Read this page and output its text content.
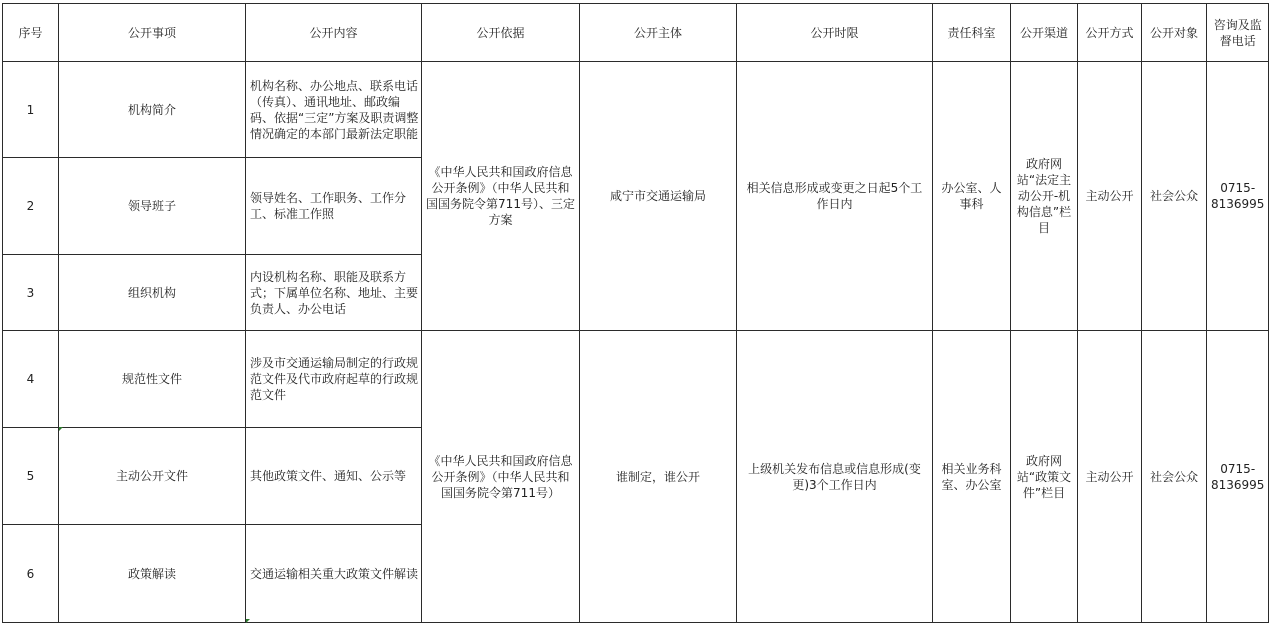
序号	公开事项	公开内容	公开依据	公开主体	公开时限	责任科室	公开渠道	公开方式	公开对象	咨询及监督电话
1	机构简介	机构名称、办公地点、联系电话（传真）、通讯地址、邮政编码、依据“三定”方案及职责调整情况确定的本部门最新法定职能	《中华人民共和国政府信息公开条例》（中华人民共和国国务院令第711号）、三定方案	咸宁市交通运输局	相关信息形成或变更之日起5个工作日内	办公室、人事科	政府网站“法定主动公开-机构信息”栏目	主动公开	社会公众	0715-8136995
2	领导班子	领导姓名、工作职务、工作分工、标准工作照								
3	组织机构	内设机构名称、职能及联系方式；下属单位名称、地址、主要负责人、办公电话								
4	规范性文件	涉及市交通运输局制定的行政规范文件及代市政府起草的行政规范文件	《中华人民共和国政府信息公开条例》（中华人民共和国国务院令第711号）	谁制定，谁公开	上级机关发布信息或信息形成(变更)3个工作日内	相关业务科室、办公室	政府网站“政策文件”栏目	主动公开	社会公众	0715-8136995
5	主动公开文件	其他政策文件、通知、公示等								
6	政策解读	交通运输相关重大政策文件解读								
